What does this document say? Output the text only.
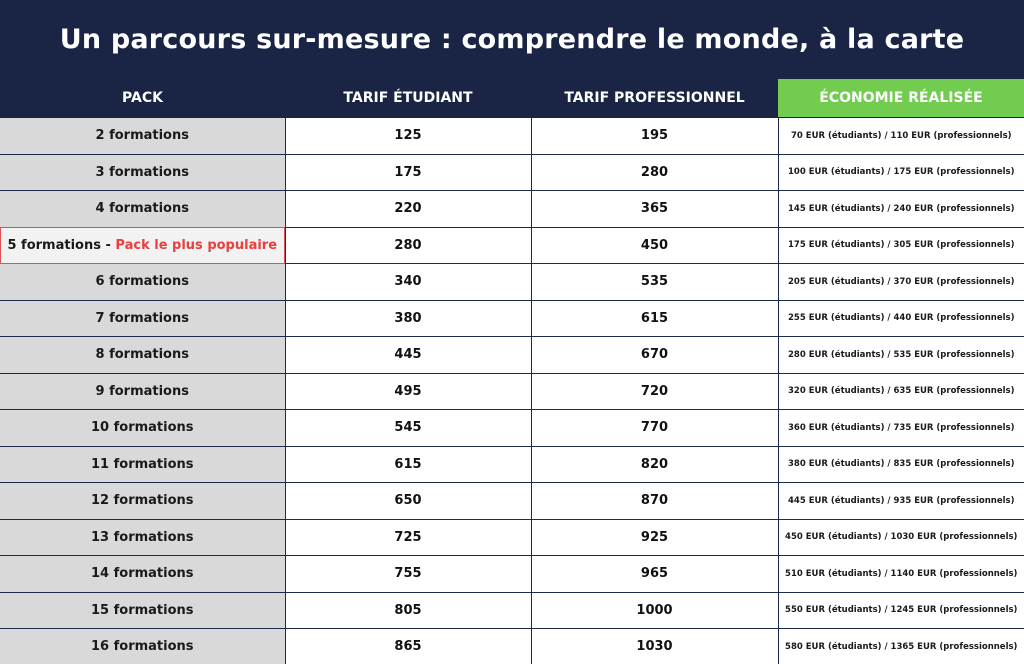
Un parcours sur-mesure : comprendre le monde, à la carte
PACK	TARIF ÉTUDIANT	TARIF PROFESSIONNEL	ÉCONOMIE RÉALISÉE
2 formations	125	195	70 EUR (étudiants) / 110 EUR (professionnels)
3 formations	175	280	100 EUR (étudiants) / 175 EUR (professionnels)
4 formations	220	365	145 EUR (étudiants) / 240 EUR (professionnels)
5 formations - Pack le plus populaire	280	450	175 EUR (étudiants) / 305 EUR (professionnels)
6 formations	340	535	205 EUR (étudiants) / 370 EUR (professionnels)
7 formations	380	615	255 EUR (étudiants) / 440 EUR (professionnels)
8 formations	445	670	280 EUR (étudiants) / 535 EUR (professionnels)
9 formations	495	720	320 EUR (étudiants) / 635 EUR (professionnels)
10 formations	545	770	360 EUR (étudiants) / 735 EUR (professionnels)
11 formations	615	820	380 EUR (étudiants) / 835 EUR (professionnels)
12 formations	650	870	445 EUR (étudiants) / 935 EUR (professionnels)
13 formations	725	925	450 EUR (étudiants) / 1030 EUR (professionnels)
14 formations	755	965	510 EUR (étudiants) / 1140 EUR (professionnels)
15 formations	805	1000	550 EUR (étudiants) / 1245 EUR (professionnels)
16 formations	865	1030	580 EUR (étudiants) / 1365 EUR (professionnels)
